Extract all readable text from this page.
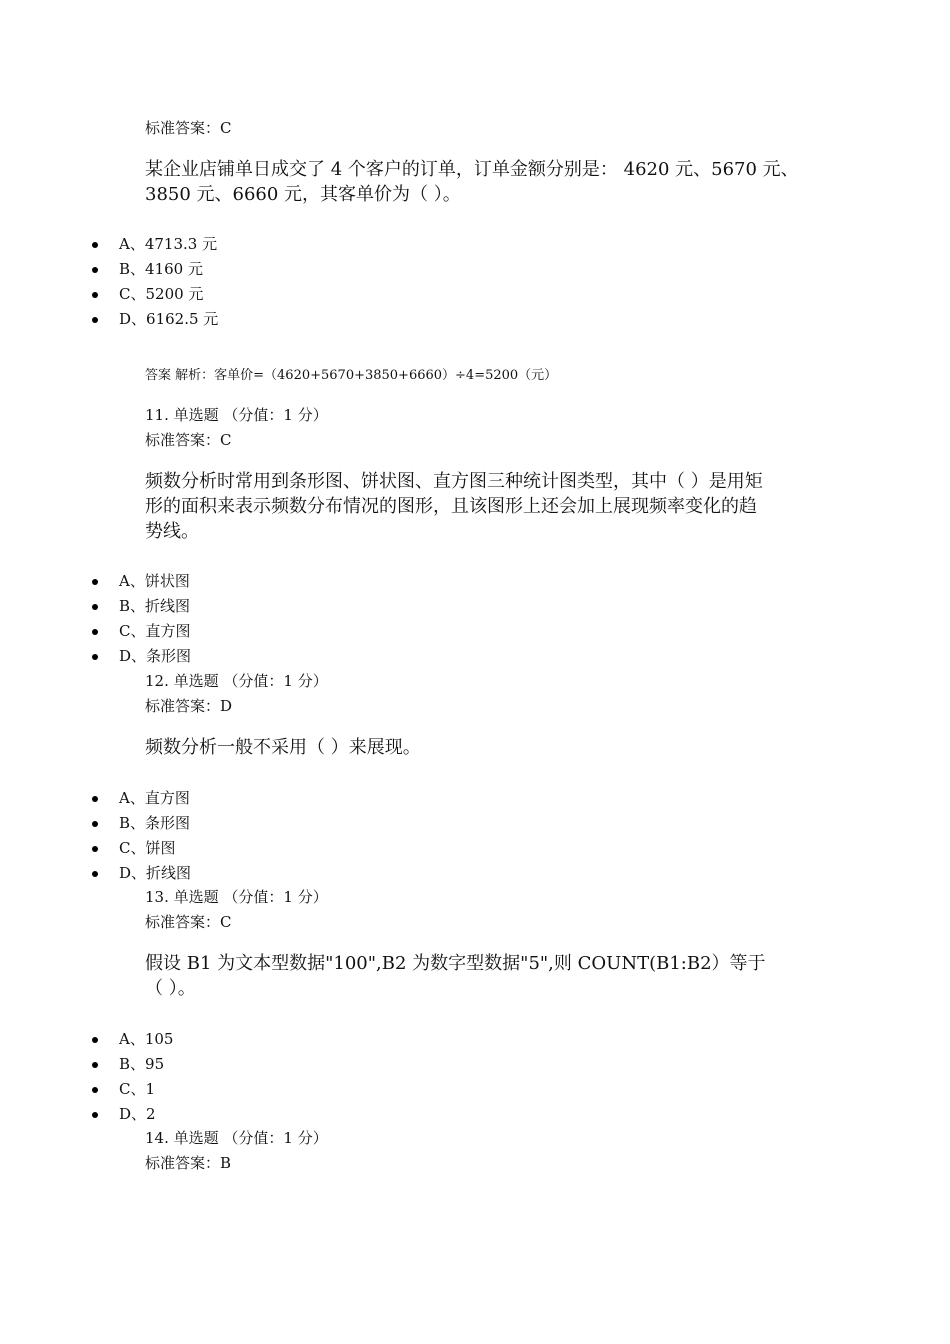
标准答案：C
某企业店铺单日成交了 4 个客户的订单，订单金额分别是： 4620 元、5670 元、
3850 元、6660 元，其客单价为（ ）。
A、4713.3 元
B、4160 元
C、5200 元
D、6162.5 元
答案 解析：客单价=（4620+5670+3850+6660）÷4=5200（元）
11. 单选题 （分值：1 分）
标准答案：C
频数分析时常用到条形图、饼状图、直方图三种统计图类型，其中（ ）是用矩
形的面积来表示频数分布情况的图形，且该图形上还会加上展现频率变化的趋
势线。
A、饼状图
B、折线图
C、直方图
D、条形图
12. 单选题 （分值：1 分）
标准答案：D
频数分析一般不采用（ ）来展现。
A、直方图
B、条形图
C、饼图
D、折线图
13. 单选题 （分值：1 分）
标准答案：C
假设 B1 为文本型数据"100",B2 为数字型数据"5",则 COUNT(B1:B2）等于
（ ）。
A、105
B、95
C、1
D、2
14. 单选题 （分值：1 分）
标准答案：B
